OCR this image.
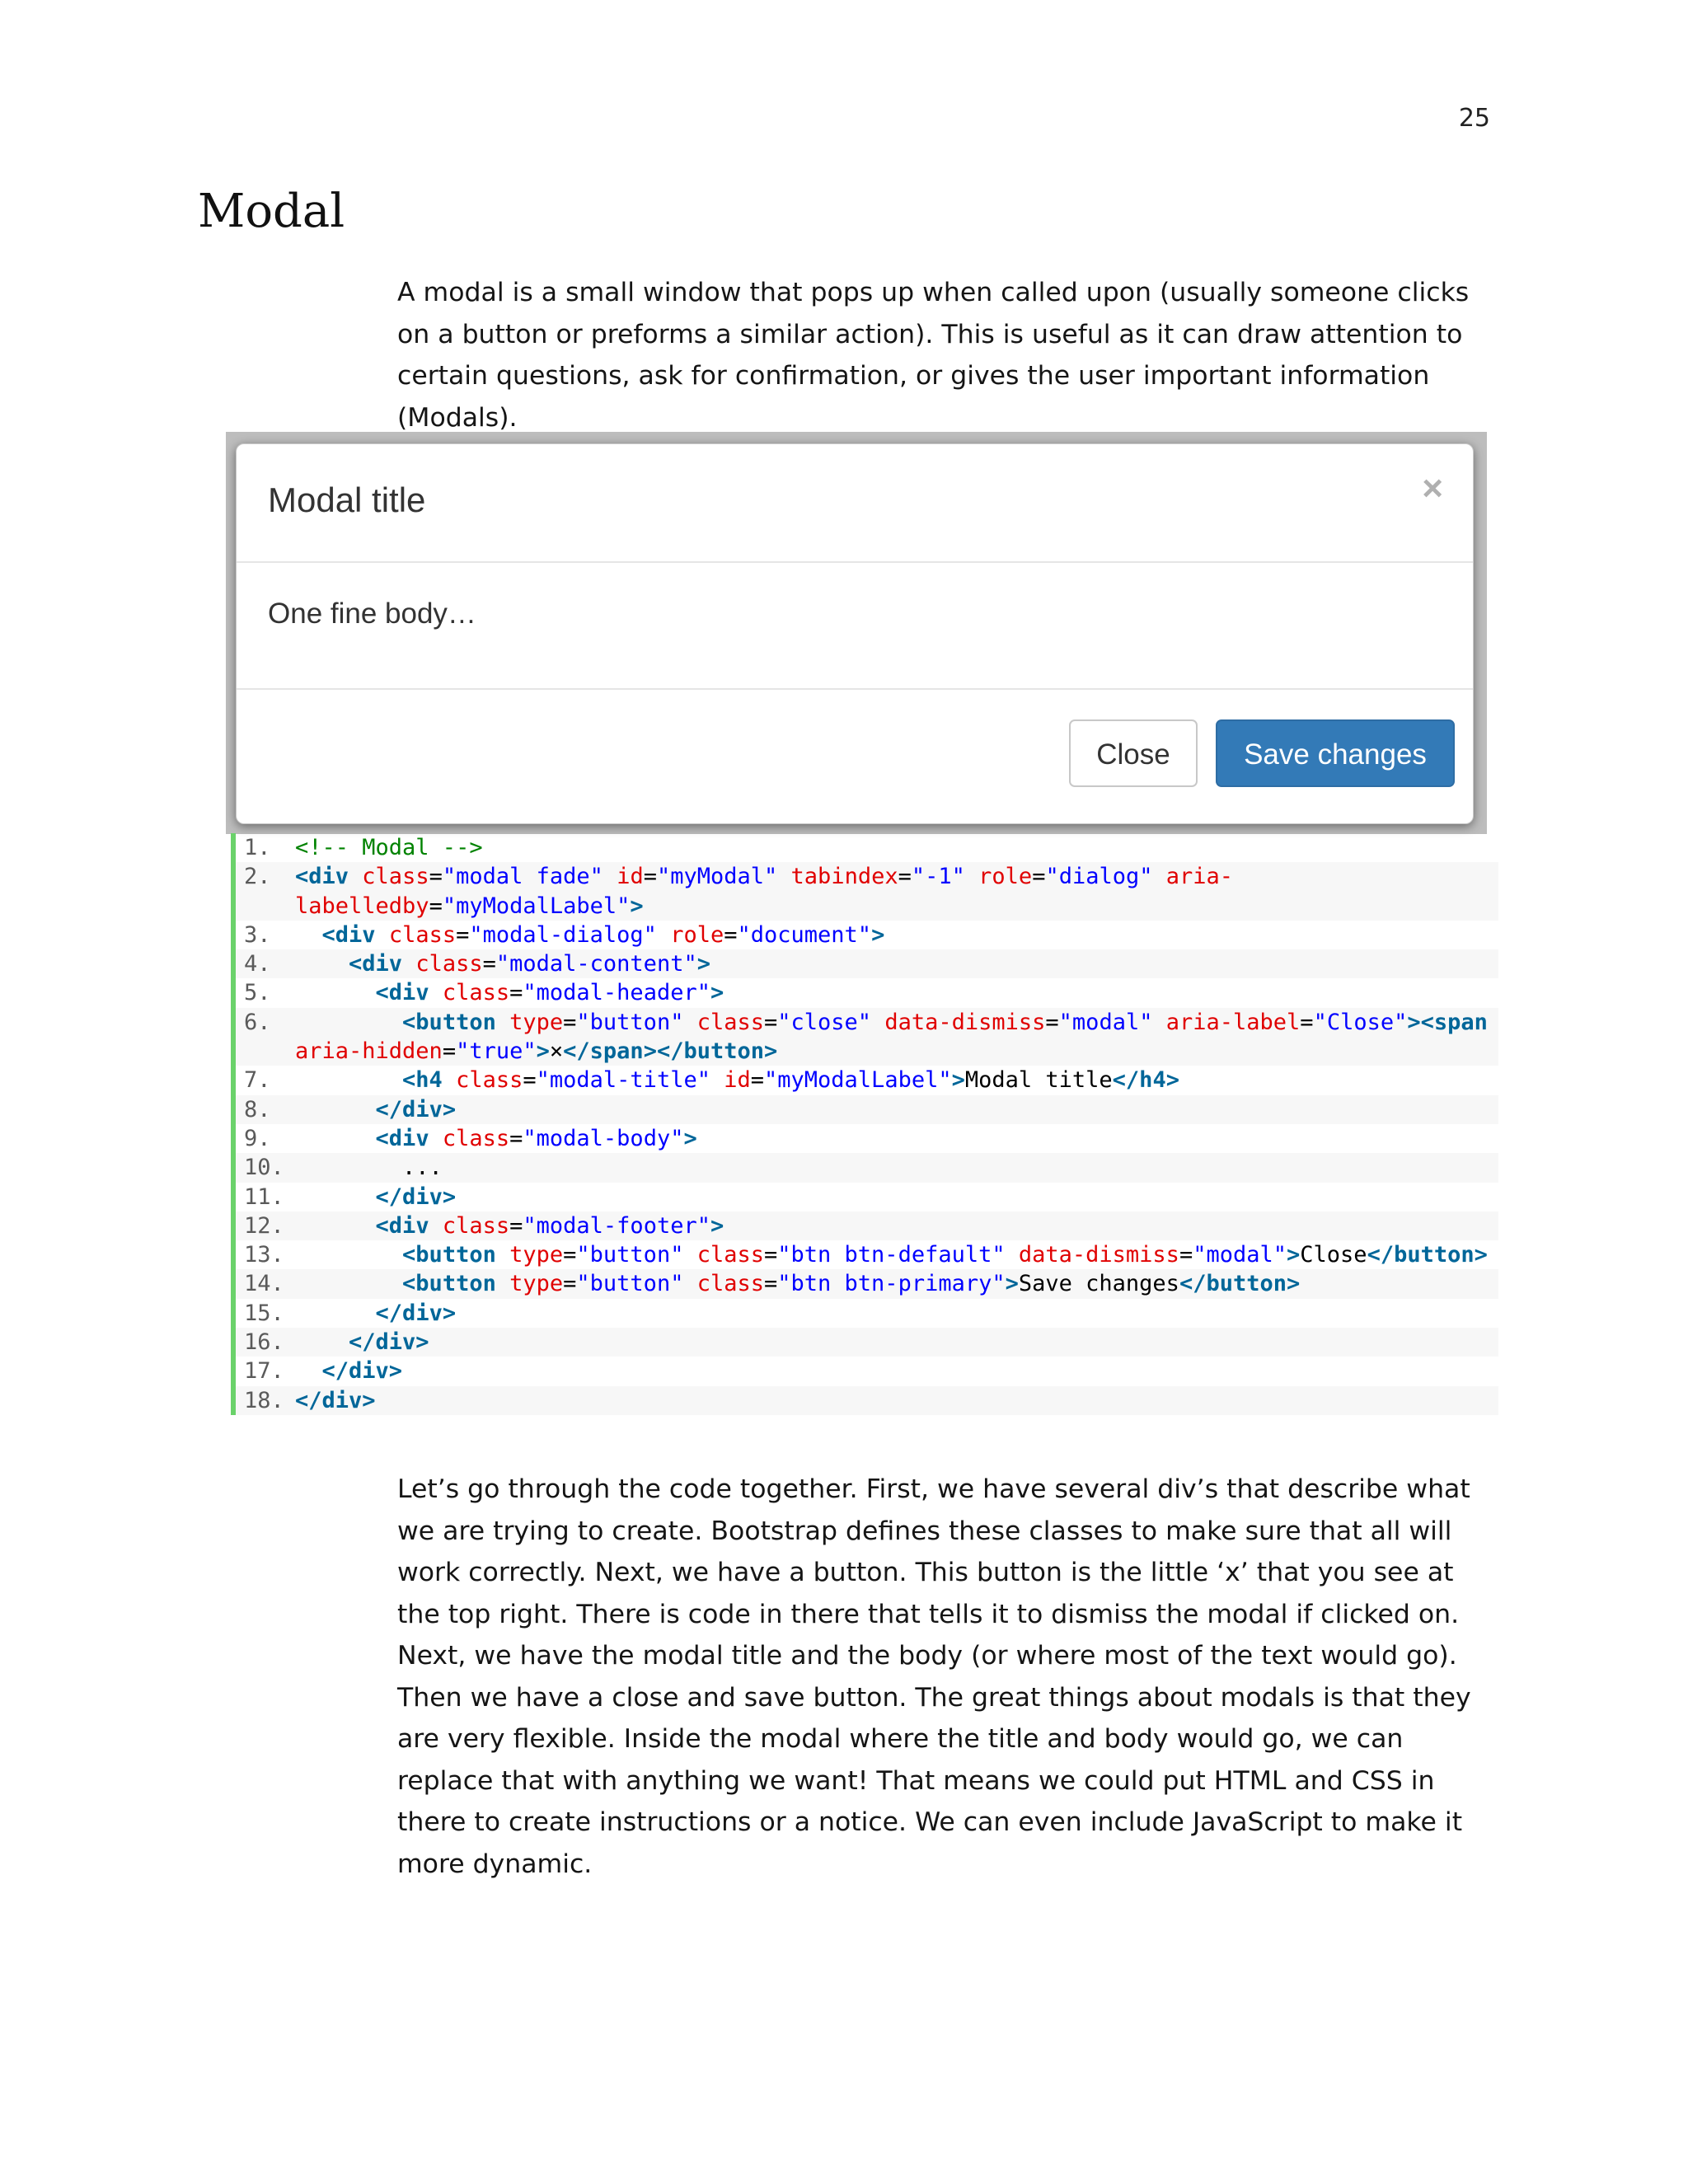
25
Modal

A modal is a small window that pops up when called upon (usually someone clicks on a button or preforms a similar action). This is useful as it can draw attention to certain questions, ask for confirmation, or gives the user important information (Modals).

Modal title	×
One fine body…
Close	Save changes
1.	<!-- Modal -->
2.	<div class="modal fade" id="myModal" tabindex="-1" role="dialog" aria-labelledby="myModalLabel">
3.	<div class="modal-dialog" role="document">
4.	<div class="modal-content">
5.	<div class="modal-header">
6.	<button type="button" class="close" data-dismiss="modal" aria-label="Close"><span aria-hidden="true">×</span></button>
7.	<h4 class="modal-title" id="myModalLabel">Modal title</h4>
8.	</div>
9.	<div class="modal-body">
10. ...
11.	</div>
12.	<div class="modal-footer">
13.	<button type="button" class="btn btn-default" data-dismiss="modal">Close</button>
14.	<button type="button" class="btn btn-primary">Save changes</button>
15.	</div>
16.	</div>
17.	</div>
18. </div>

Let’s go through the code together. First, we have several div’s that describe what we are trying to create. Bootstrap defines these classes to make sure that all will work correctly. Next, we have a button. This button is the little ‘x’ that you see at the top right. There is code in there that tells it to dismiss the modal if clicked on. Next, we have the modal title and the body (or where most of the text would go). Then we have a close and save button. The great things about modals is that they are very flexible. Inside the modal where the title and body would go, we can replace that with anything we want! That means we could put HTML and CSS in there to create instructions or a notice. We can even include JavaScript to make it more dynamic.
